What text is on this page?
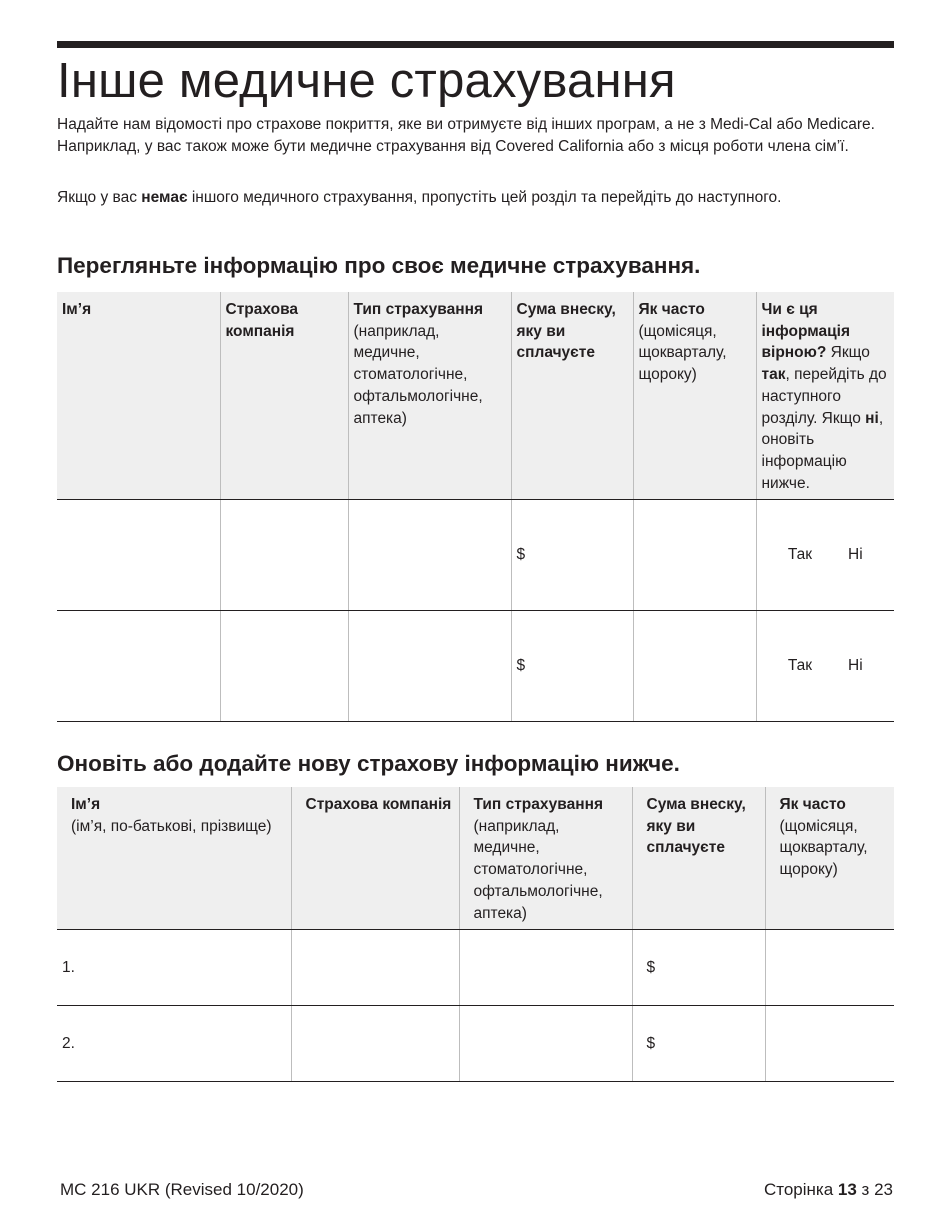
Інше медичне страхування

Надайте нам відомості про страхове покриття, яке ви отримуєте від інших програм, а не з Medi-Cal або Medicare. Наприклад, у вас також може бути медичне страхування від Covered California або з місця роботи члена сім’ї.

Якщо у вас немає іншого медичного страхування, пропустіть цей розділ та перейдіть до наступного.

Перегляньте інформацію про своє медичне страхування.
Ім’я	Страхова компанія	Тип страхування (наприклад, медичне, стоматологічне, офтальмологічне, аптека)	Сума внеску, яку ви сплачуєте	Як часто (щомісяця, щокварталу, щороку)	Чи є ця інформація вірною? Якщо так, перейдіть до наступного розділу. Якщо ні, оновіть інформацію нижче.
			$		Так Ні

			$		Так Ні
Оновіть або додайте нову страхову інформацію нижче.
Ім’я
(ім’я, по-батькові, прізвище)	Страхова компанія	Тип страхування (наприклад, медичне, стоматологічне, офтальмологічне, аптека)	Сума внеску, яку ви сплачуєте	Як часто (щомісяця, щокварталу, щороку)
1.			$	
2.			$	
MC 216 UKR (Revised 10/2020)	Сторінка 13 з 23
